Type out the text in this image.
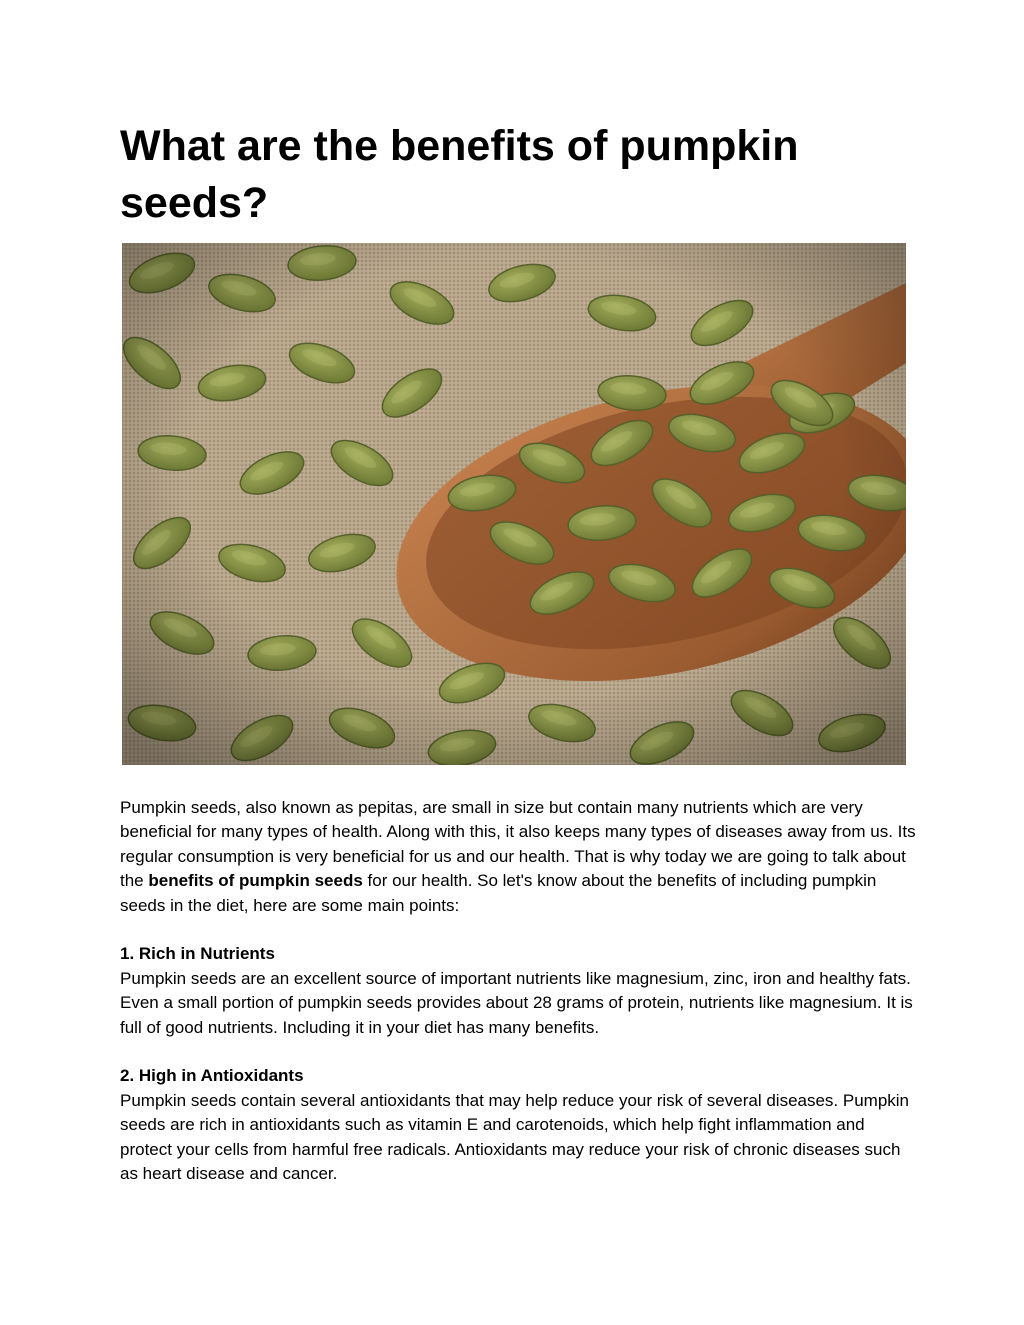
What are the benefits of pumpkin seeds?

Pumpkin seeds, also known as pepitas, are small in size but contain many nutrients which are very beneficial for many types of health. Along with this, it also keeps many types of diseases away from us. Its regular consumption is very beneficial for us and our health. That is why today we are going to talk about the benefits of pumpkin seeds for our health. So let's know about the benefits of including pumpkin seeds in the diet, here are some main points:

1. Rich in Nutrients

Pumpkin seeds are an excellent source of important nutrients like magnesium, zinc, iron and healthy fats. Even a small portion of pumpkin seeds provides about 28 grams of protein, nutrients like magnesium. It is full of good nutrients. Including it in your diet has many benefits.

2. High in Antioxidants

Pumpkin seeds contain several antioxidants that may help reduce your risk of several diseases. Pumpkin seeds are rich in antioxidants such as vitamin E and carotenoids, which help fight inflammation and protect your cells from harmful free radicals. Antioxidants may reduce your risk of chronic diseases such as heart disease and cancer.
